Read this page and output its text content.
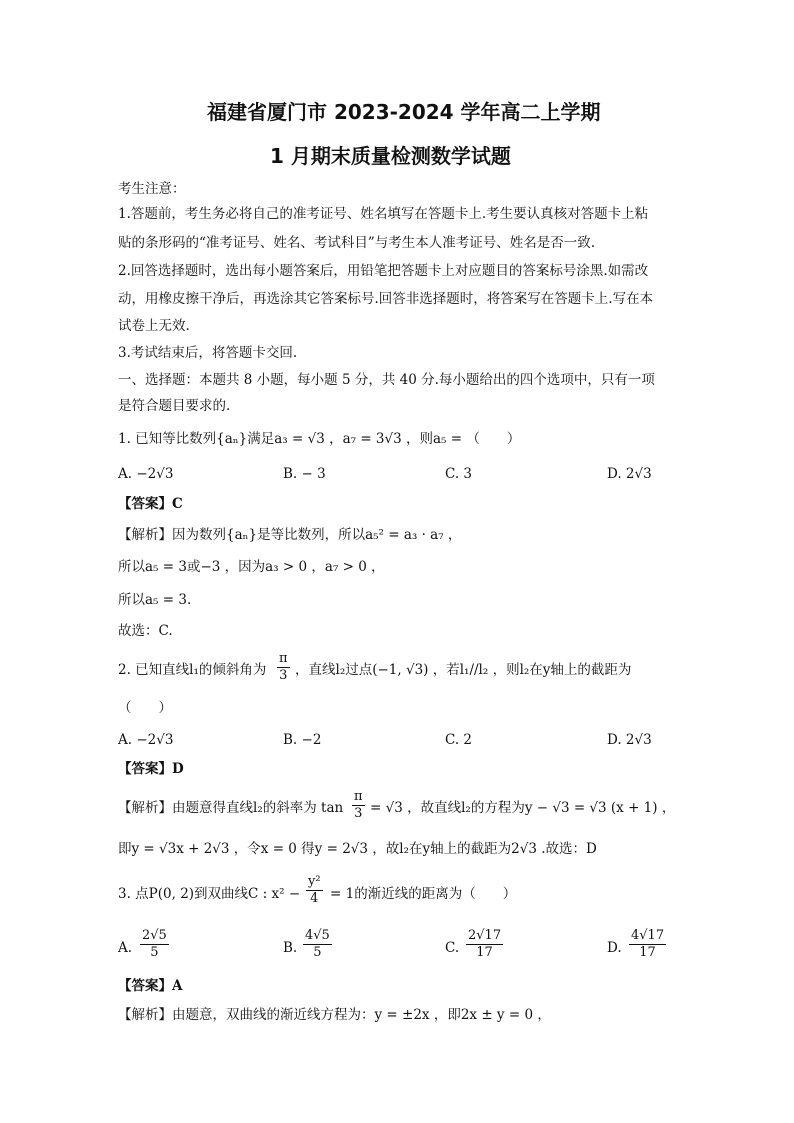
福建省厦门市 2023-2024 学年高二上学期
1 月期末质量检测数学试题
考生注意：
1.答题前，考生务必将自己的准考证号、姓名填写在答题卡上.考生要认真核对答题卡上粘
贴的条形码的“准考证号、姓名、考试科目”与考生本人准考证号、姓名是否一致.
2.回答选择题时，选出每小题答案后，用铅笔把答题卡上对应题目的答案标号涂黑.如需改
动，用橡皮擦干净后，再选涂其它答案标号.回答非选择题时，将答案写在答题卡上.写在本
试卷上无效.
3.考试结束后，将答题卡交回.
一、选择题：本题共 8 小题，每小题 5 分，共 40 分.每小题给出的四个选项中，只有一项
是符合题目要求的.
1. 已知等比数列{aₙ}满足a₃ = √3 ，a₇ = 3√3 ，则a₅ = （　　）
A. −2√3	B. − 3	C. 3	D. 2√3
【答案】C
【解析】因为数列{aₙ}是等比数列，所以a₅² = a₃ · a₇ ，
所以a₅ = 3或−3 ，因为a₃ > 0 ，a₇ > 0 ，
所以a₅ = 3.
故选：C.
2. 已知直线l₁的倾斜角为 $\frac{\pi}{3}$ ，直线l₂过点(−1, √3) ，若l₁//l₂ ，则l₂在y轴上的截距为
（　　）
A. −2√3	B. −2	C. 2	D. 2√3
【答案】D
【解析】由题意得直线l₂的斜率为 $\tan \frac{\pi}{3} = √3$ ，故直线l₂的方程为y − √3 = √3 (x + 1) ，
即y = √3x + 2√3 ，令x = 0 得y = 2√3 ，故l₂在y轴上的截距为2√3 .故选：D
3. 点P(0, 2)到双曲线C : $x^2 - \frac{\text{y²}}{4} = 1$的渐近线的距离为（　　）
A. $\frac{2√5}{5}$	B. $\frac{4√5}{5}$	C. $\frac{2√17}{17}$	D. $\frac{4√17}{17}$
【答案】A
【解析】由题意，双曲线的渐近线方程为：y = ±2x ，即2x ± y = 0 ，
